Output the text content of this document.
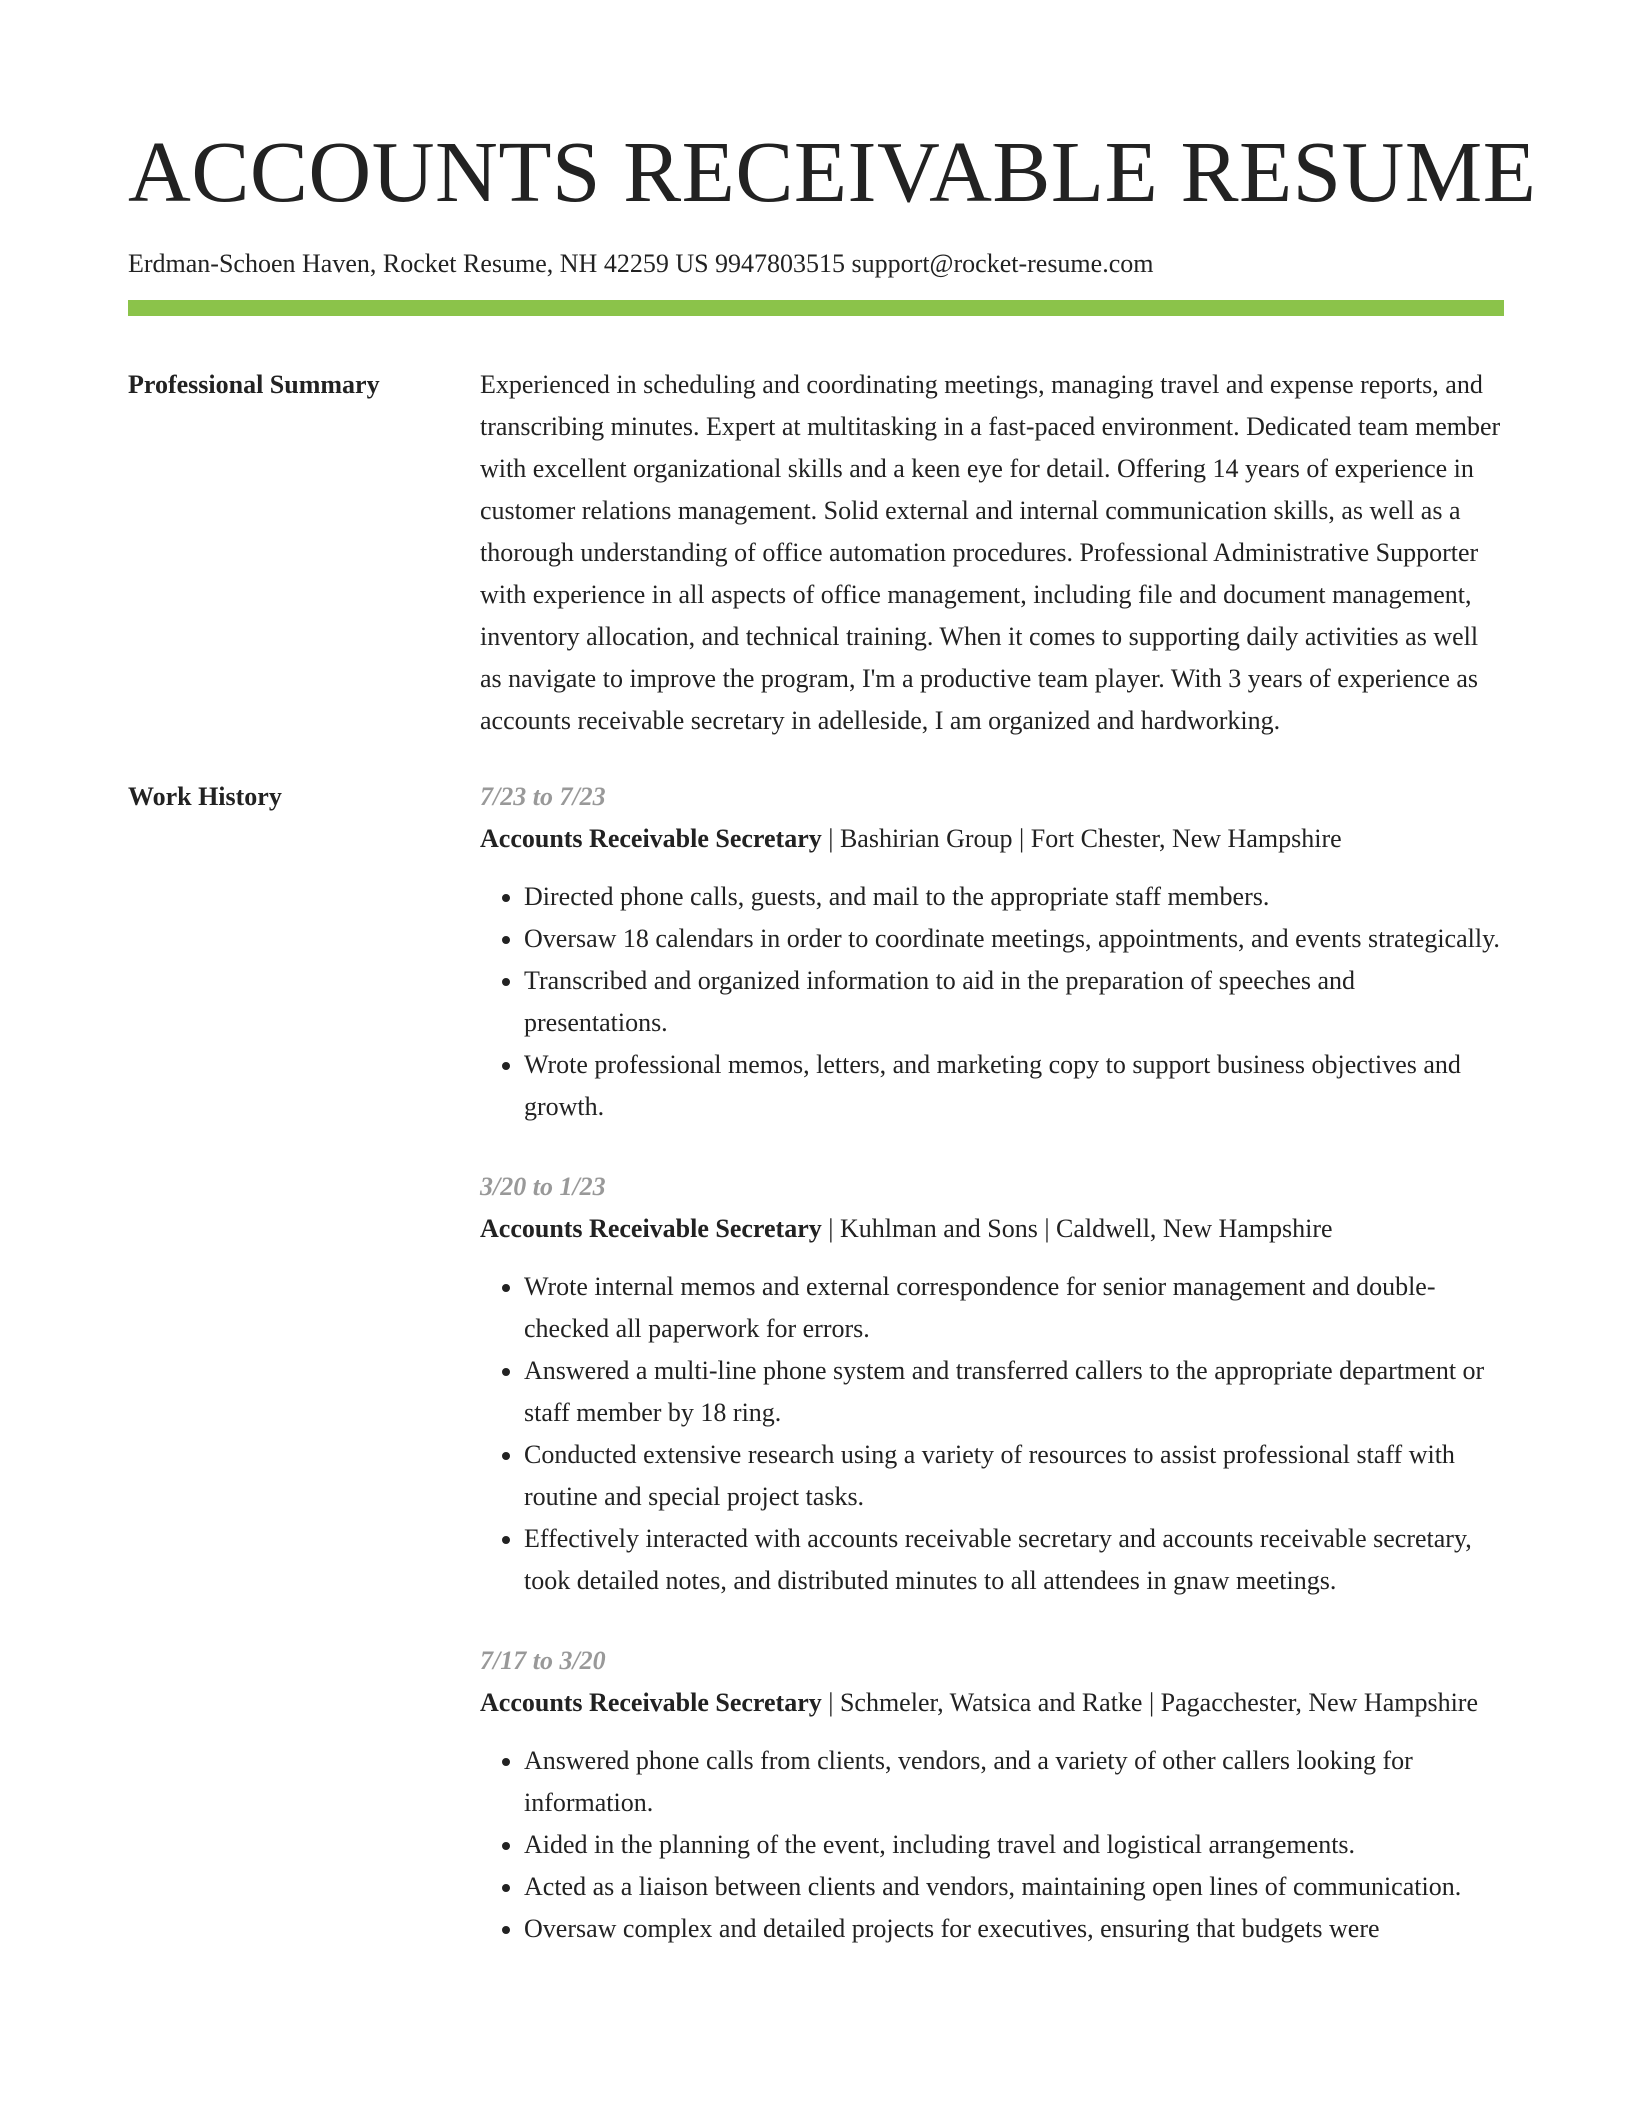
ACCOUNTS RECEIVABLE RESUME
Erdman-Schoen Haven, Rocket Resume, NH 42259 US 9947803515 support@rocket-resume.com
Professional Summary	Experienced in scheduling and coordinating meetings, managing travel and expense reports, and transcribing minutes. Expert at multitasking in a fast-paced environment. Dedicated team member with excellent organizational skills and a keen eye for detail. Offering 14 years of experience in customer relations management. Solid external and internal communication skills, as well as a thorough understanding of office automation procedures. Professional Administrative Supporter with experience in all aspects of office management, including file and document management, inventory allocation, and technical training. When it comes to supporting daily activities as well as navigate to improve the program, I'm a productive team player. With 3 years of experience as accounts receivable secretary in adelleside, I am organized and hardworking.

Work History	7/23 to 7/23
Accounts Receivable Secretary | Bashirian Group | Fort Chester, New Hampshire
• Directed phone calls, guests, and mail to the appropriate staff members.
• Oversaw 18 calendars in order to coordinate meetings, appointments, and events strategically.
• Transcribed and organized information to aid in the preparation of speeches and presentations.
• Wrote professional memos, letters, and marketing copy to support business objectives and growth.
3/20 to 1/23
Accounts Receivable Secretary | Kuhlman and Sons | Caldwell, New Hampshire
• Wrote internal memos and external correspondence for senior management and double-checked all paperwork for errors.
• Answered a multi-line phone system and transferred callers to the appropriate department or staff member by 18 ring.
• Conducted extensive research using a variety of resources to assist professional staff with routine and special project tasks.
• Effectively interacted with accounts receivable secretary and accounts receivable secretary, took detailed notes, and distributed minutes to all attendees in gnaw meetings.
7/17 to 3/20
Accounts Receivable Secretary | Schmeler, Watsica and Ratke | Pagacchester, New Hampshire
• Answered phone calls from clients, vendors, and a variety of other callers looking for information.
• Aided in the planning of the event, including travel and logistical arrangements.
• Acted as a liaison between clients and vendors, maintaining open lines of communication.
• Oversaw complex and detailed projects for executives, ensuring that budgets were
